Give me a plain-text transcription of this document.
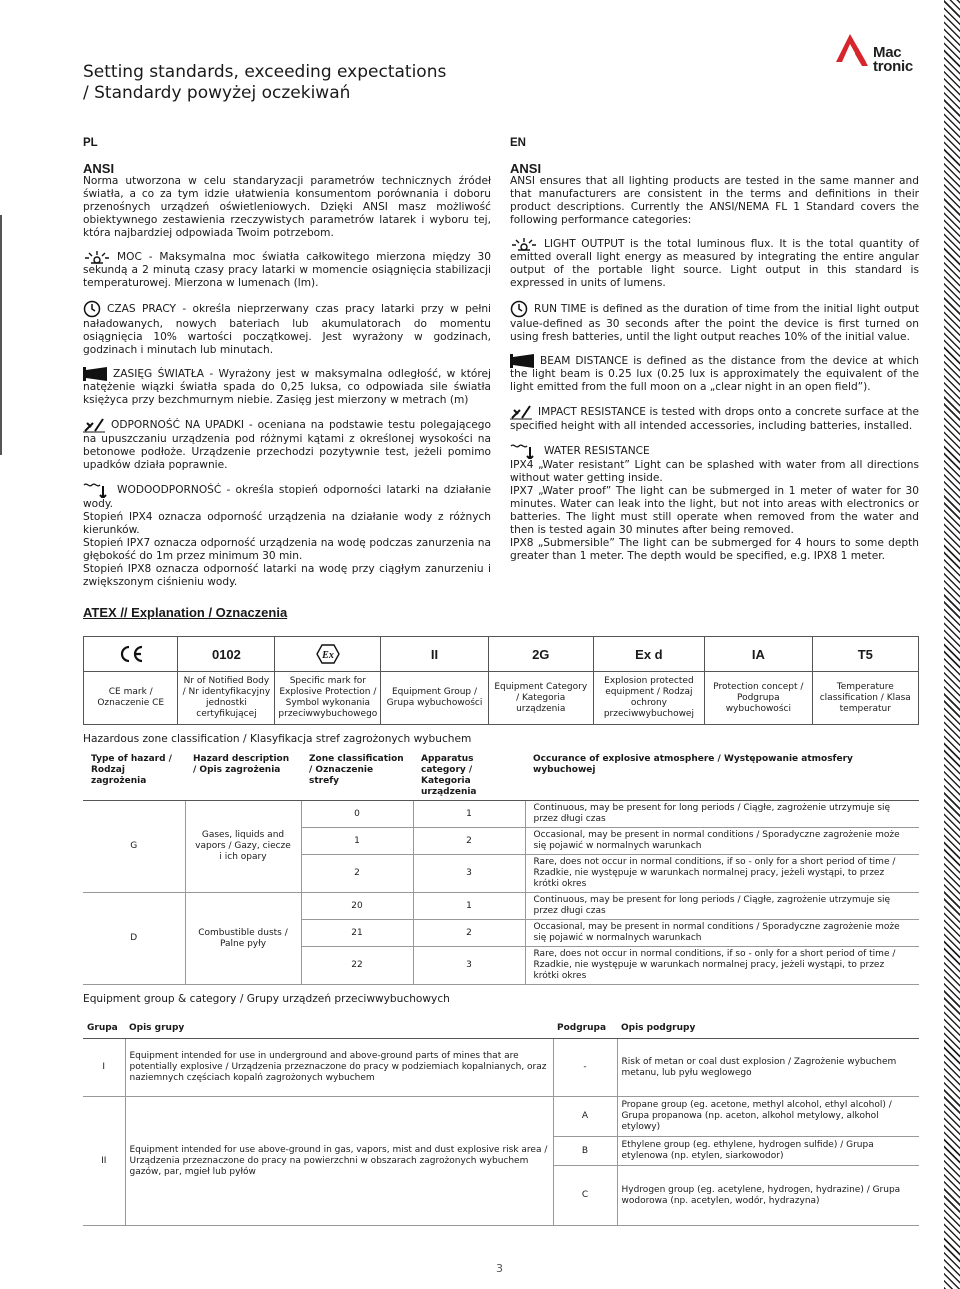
Setting standards, exceeding expectations
/ Standardy powyżej oczekiwań
Mac
tronic
PL
ANSI

Norma utworzona w celu standaryzacji parametrów technicznych źródeł światła, a co za tym idzie ułatwienia konsumentom porównania i doboru przenośnych urządzeń oświetleniowych. Dzięki ANSI masz możliwość obiektywnego zestawienia rzeczywistych parametrów latarek i wyboru tej, która najbardziej odpowiada Twoim potrzebom.

MOC - Maksymalna moc światła całkowitego mierzona między 30 sekundą a 2 minutą czasy pracy latarki w momencie osiągnięcia stabilizacji temperaturowej. Mierzona w lumenach (lm).

CZAS PRACY - określa nieprzerwany czas pracy latarki przy w pełni naładowanych, nowych bateriach lub akumulatorach do momentu osiągnięcia 10% wartości początkowej. Jest wyrażony w godzinach, godzinach i minutach lub minutach.

ZASIĘG ŚWIATŁA - Wyrażony jest w maksymalna odległość, w której natężenie wiązki światła spada do 0,25 luksa, co odpowiada sile światła księżyca przy bezchmurnym niebie. Zasięg jest mierzony w metrach (m)

ODPORNOŚĆ NA UPADKI - oceniana na podstawie testu polegającego na upuszczaniu urządzenia pod różnymi kątami z określonej wysokości na betonowe podłoże. Urządzenie przechodzi pozytywnie test, jeżeli pomimo upadków działa poprawnie.

WODOODPORNOŚĆ - określa stopień odporności latarki na działanie wody.

Stopień IPX4 oznacza odporność urządzenia na działanie wody z różnych kierunków.

Stopień IPX7 oznacza odporność urządzenia na wodę podczas zanurzenia na głębokość do 1m przez minimum 30 min.

Stopień IPX8 oznacza odporność latarki na wodę przy ciągłym zanurzeniu i zwiększonym ciśnieniu wody.

EN
ANSI

ANSI ensures that all lighting products are tested in the same manner and that manufacturers are consistent in the terms and definitions in their product descriptions. Currently the ANSI/NEMA FL 1 Standard covers the following performance categories:

LIGHT OUTPUT is the total luminous flux. It is the total quantity of emitted overall light energy as measured by integrating the entire angular output of the portable light source. Light output in this standard is expressed in units of lumens.

RUN TIME is defined as the duration of time from the initial light output value-defined as 30 seconds after the point the device is first turned on using fresh batteries, until the light output reaches 10% of the initial value.

BEAM DISTANCE is defined as the distance from the device at which the light beam is 0.25 lux (0.25 lux is approximately the equivalent of the light emitted from the full moon on a „clear night in an open field”).

IMPACT RESISTANCE is tested with drops onto a concrete surface at the specified height with all intended accessories, including batteries, installed.

WATER RESISTANCE

IPX4 „Water resistant” Light can be splashed with water from all directions without water getting inside.

IPX7 „Water proof” The light can be submerged in 1 meter of water for 30 minutes. Water can leak into the light, but not into areas with electronics or batteries. The light must still operate when removed from the water and then is tested again 30 minutes after being removed.

IPX8 „Submersible” The light can be submerged for 4 hours to some depth greater than 1 meter. The depth would be specified, e.g. IPX8 1 meter.

ATEX // Explanation / Oznaczenia
	0102	Ex	II	2G	Ex d	IA	T5
CE mark / Oznaczenie CE	Nr of Notified Body / Nr identyfikacyjny jednostki certyfikującej	Specific mark for Explosive Protection / Symbol wykonania przeciwwybuchowego	Equipment Group / Grupa wybuchowości	Equipment Category / Kategoria urządzenia	Explosion protected equipment / Rodzaj ochrony przeciwwybuchowej	Protection concept / Podgrupa wybuchowości	Temperature classification / Klasa temperatur
Hazardous zone classification / Klasyfikacja stref zagrożonych wybuchem
Type of hazard / Rodzaj zagrożenia	Hazard description / Opis zagrożenia	Zone classification / Oznaczenie strefy	Apparatus category / Kategoria urządzenia	Occurance of explosive atmosphere / Występowanie atmosfery wybuchowej
G	Gases, liquids and vapors / Gazy, ciecze i ich opary	0	1	Continuous, may be present for long periods / Ciągłe, zagrożenie utrzymuje się przez długi czas
		1	2	Occasional, may be present in normal conditions / Sporadyczne zagrożenie może się pojawić w normalnych warunkach
		2	3	Rare, does not occur in normal conditions, if so - only for a short period of time / Rzadkie, nie występuje w warunkach normalnej pracy, jeżeli wystąpi, to przez krótki okres
D	Combustible dusts / Palne pyły	20	1	Continuous, may be present for long periods / Ciągłe, zagrożenie utrzymuje się przez długi czas
		21	2	Occasional, may be present in normal conditions / Sporadyczne zagrożenie może się pojawić w normalnych warunkach
		22	3	Rare, does not occur in normal conditions, if so - only for a short period of time / Rzadkie, nie występuje w warunkach normalnej pracy, jeżeli wystąpi, to przez krótki okres
Equipment group & category / Grupy urządzeń przeciwwybuchowych
Grupa	Opis grupy	Podgrupa	Opis podgrupy
I	Equipment intended for use in underground and above-ground parts of mines that are potentially explosive / Urządzenia przeznaczone do pracy w podziemiach kopalnianych, oraz naziemnych częściach kopalń zagrożonych wybuchem	-	Risk of metan or coal dust explosion / Zagrożenie wybuchem metanu, lub pyłu weglowego
II	Equipment intended for use above-ground in gas, vapors, mist and dust explosive risk area / Urządzenia przeznaczone do pracy na powierzchni w obszarach zagrożonych wybuchem gazów, par, mgieł lub pyłów	A	Propane group (eg. acetone, methyl alcohol, ethyl alcohol) / Grupa propanowa (np. aceton, alkohol metylowy, alkohol etylowy)
		B	Ethylene group (eg. ethylene, hydrogen sulfide) / Grupa etylenowa (np. etylen, siarkowodor)
		C	Hydrogen group (eg. acetylene, hydrogen, hydrazine) / Grupa wodorowa (np. acetylen, wodór, hydrazyna)
3
